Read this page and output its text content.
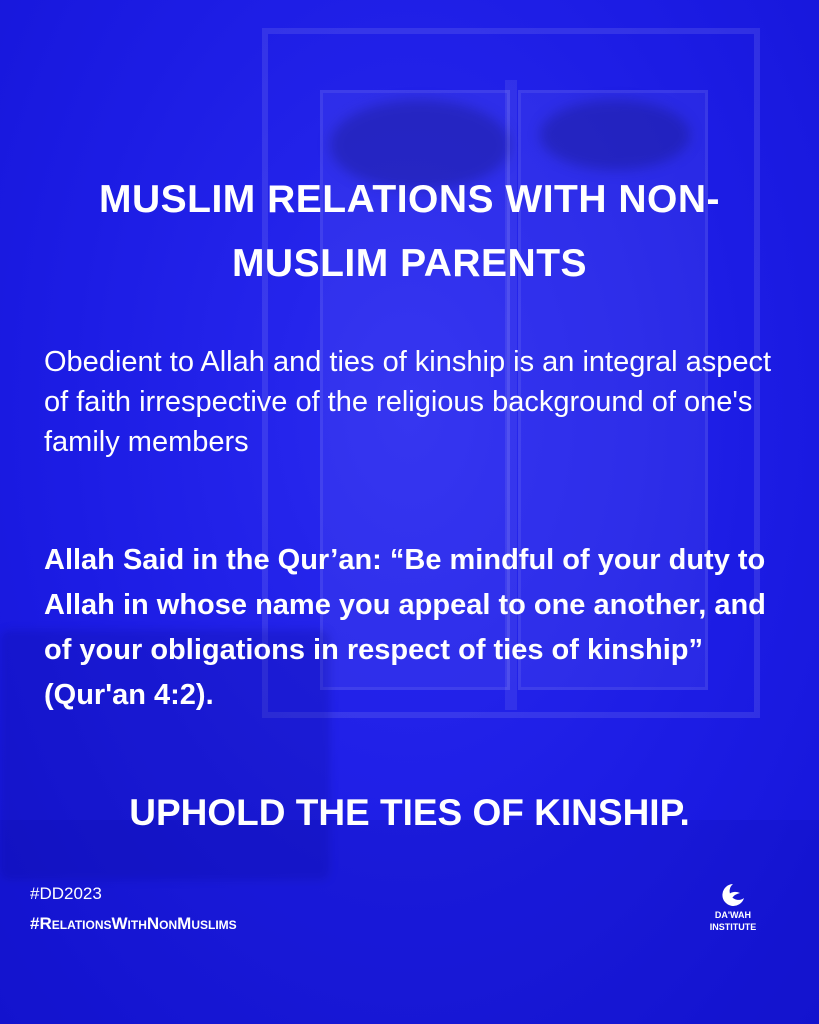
MUSLIM RELATIONS WITH NON-MUSLIM PARENTS

Obedient to Allah and ties of kinship is an integral aspect of faith irrespective of the religious background of one's family members

Allah Said in the Qur’an: “Be mindful of your duty to Allah in whose name you appeal to one another, and of your obligations in respect of ties of kinship” (Qur'an 4:2).

UPHOLD THE TIES OF KINSHIP.

#DD2023
#RelationsWithNonMuslims	DA'WAH
INSTITUTE
